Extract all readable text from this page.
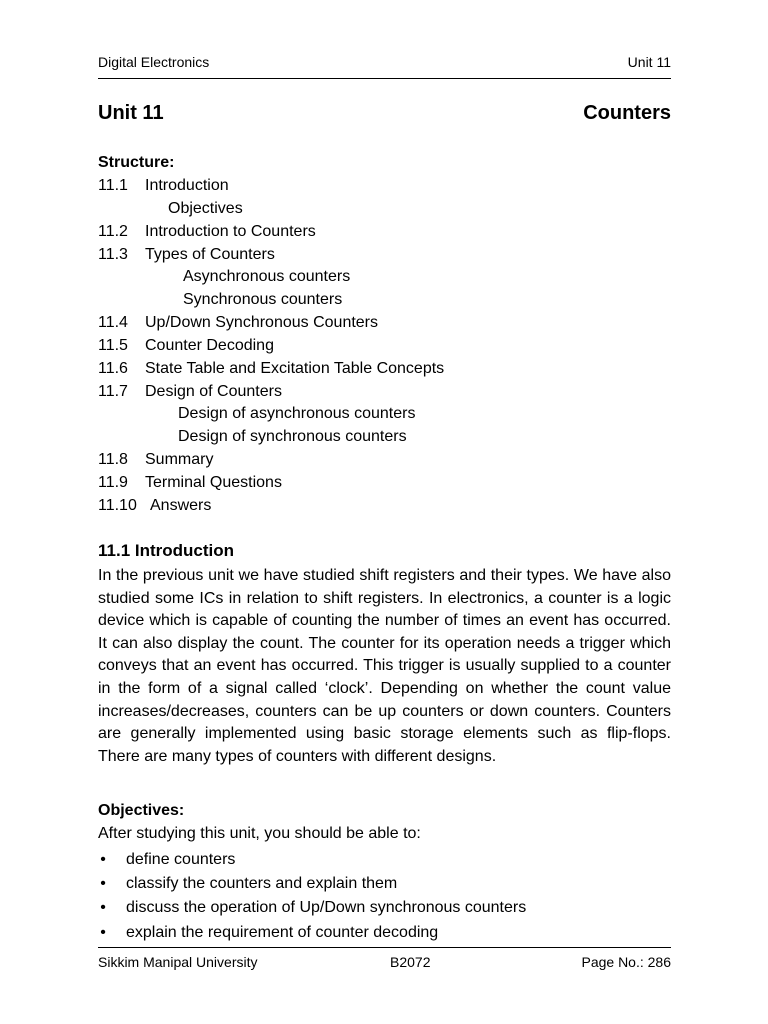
Digital Electronics	Unit 11
Unit 11	Counters
Structure:
11.1 Introduction
Objectives
11.2 Introduction to Counters
11.3 Types of Counters
Asynchronous counters
Synchronous counters
11.4 Up/Down Synchronous Counters
11.5 Counter Decoding
11.6 State Table and Excitation Table Concepts
11.7 Design of Counters
Design of asynchronous counters
Design of synchronous counters
11.8 Summary
11.9 Terminal Questions
11.10 Answers
11.1 Introduction

In the previous unit we have studied shift registers and their types. We have also studied some ICs in relation to shift registers. In electronics, a counter is a logic device which is capable of counting the number of times an event has occurred. It can also display the count. The counter for its operation needs a trigger which conveys that an event has occurred. This trigger is usually supplied to a counter in the form of a signal called ‘clock’. Depending on whether the count value increases/decreases, counters can be up counters or down counters. Counters are generally implemented using basic storage elements such as flip-flops. There are many types of counters with different designs.

Objectives:
After studying this unit, you should be able to:
• define counters
• classify the counters and explain them
• discuss the operation of Up/Down synchronous counters
• explain the requirement of counter decoding
Sikkim Manipal University	B2072	Page No.: 286
